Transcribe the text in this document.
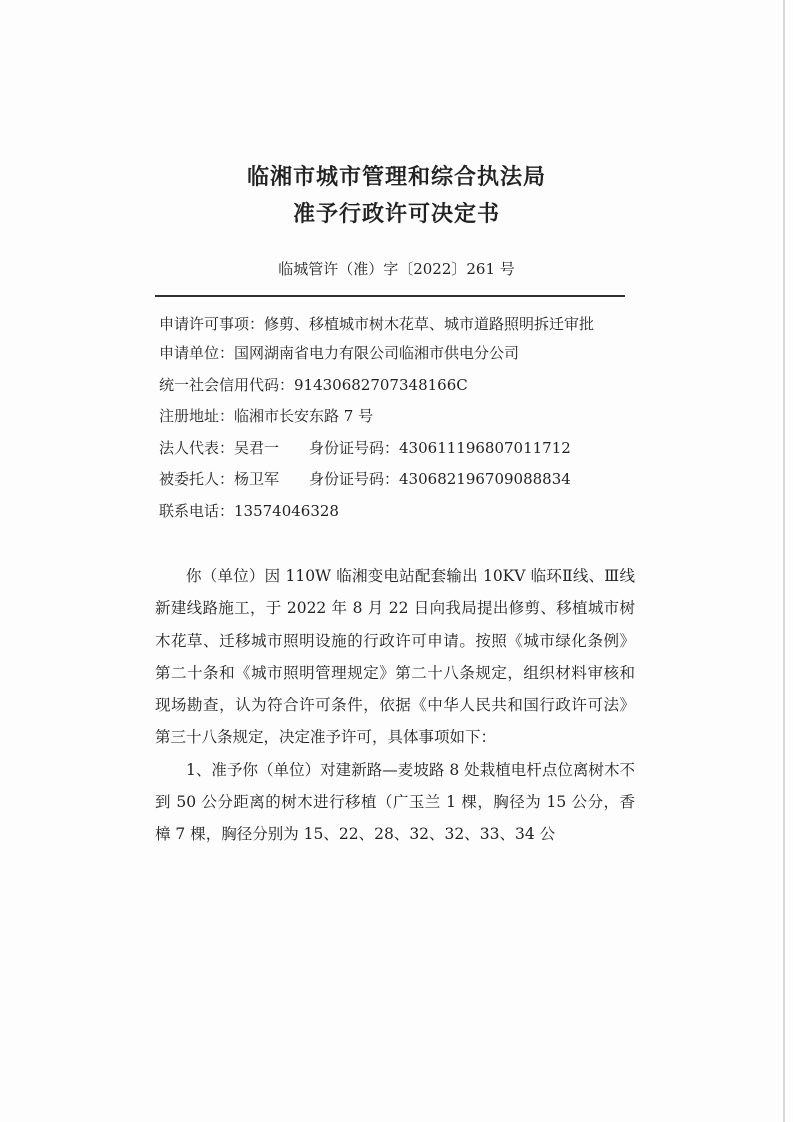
临湘市城市管理和综合执法局
准予行政许可决定书
临城管许（准）字〔2022〕261 号
申请许可事项：修剪、移植城市树木花草、城市道路照明拆迁审批
申请单位：国网湖南省电力有限公司临湘市供电分公司
统一社会信用代码：91430682707348166C
注册地址：临湘市长安东路 7 号
法人代表：吴君一 身份证号码：430611196807011712
被委托人：杨卫军 身份证号码：430682196709088834
联系电话：13574046328

你（单位）因 110W 临湘变电站配套输出 10KV 临环Ⅱ线、Ⅲ线新建线路施工，于 2022 年 8 月 22 日向我局提出修剪、移植城市树木花草、迁移城市照明设施的行政许可申请。按照《城市绿化条例》第二十条和《城市照明管理规定》第二十八条规定，组织材料审核和现场勘查，认为符合许可条件，依据《中华人民共和国行政许可法》第三十八条规定，决定准予许可，具体事项如下：

1、准予你（单位）对建新路—麦坡路 8 处栽植电杆点位离树木不到 50 公分距离的树木进行移植（广玉兰 1 棵，胸径为 15 公分，香樟 7 棵，胸径分别为 15、22、28、32、32、33、34 公
